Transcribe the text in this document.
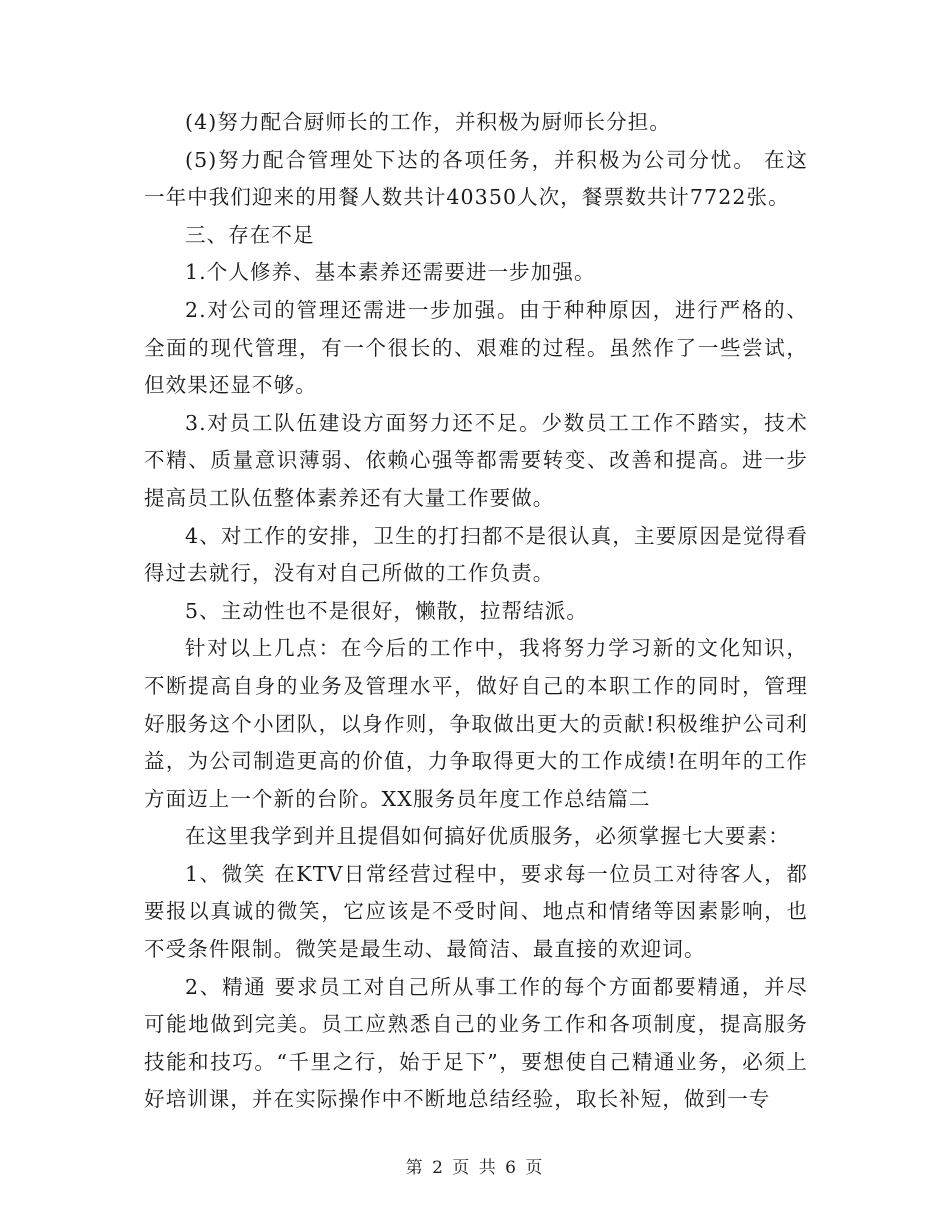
(4)努力配合厨师长的工作，并积极为厨师长分担。

(5)努力配合管理处下达的各项任务，并积极为公司分忧。 在这一年中我们迎来的用餐人数共计40350人次，餐票数共计7722张。

三、存在不足

1.个人修养、基本素养还需要进一步加强。

2.对公司的管理还需进一步加强。由于种种原因，进行严格的、全面的现代管理，有一个很长的、艰难的过程。虽然作了一些尝试，但效果还显不够。

3.对员工队伍建设方面努力还不足。少数员工工作不踏实，技术不精、质量意识薄弱、依赖心强等都需要转变、改善和提高。进一步提高员工队伍整体素养还有大量工作要做。

4、对工作的安排，卫生的打扫都不是很认真，主要原因是觉得看得过去就行，没有对自己所做的工作负责。

5、主动性也不是很好，懒散，拉帮结派。

针对以上几点：在今后的工作中，我将努力学习新的文化知识，不断提高自身的业务及管理水平，做好自己的本职工作的同时，管理好服务这个小团队，以身作则，争取做出更大的贡献!积极维护公司利益，为公司制造更高的价值，力争取得更大的工作成绩!在明年的工作方面迈上一个新的台阶。XX服务员年度工作总结篇二

在这里我学到并且提倡如何搞好优质服务，必须掌握七大要素：

1、微笑 在KTV日常经营过程中，要求每一位员工对待客人，都要报以真诚的微笑，它应该是不受时间、地点和情绪等因素影响，也不受条件限制。微笑是最生动、最简洁、最直接的欢迎词。

2、精通 要求员工对自己所从事工作的每个方面都要精通，并尽可能地做到完美。员工应熟悉自己的业务工作和各项制度，提高服务技能和技巧。“千里之行，始于足下”，要想使自己精通业务，必须上好培训课，并在实际操作中不断地总结经验，取长补短，做到一专

第 2 页 共 6 页
